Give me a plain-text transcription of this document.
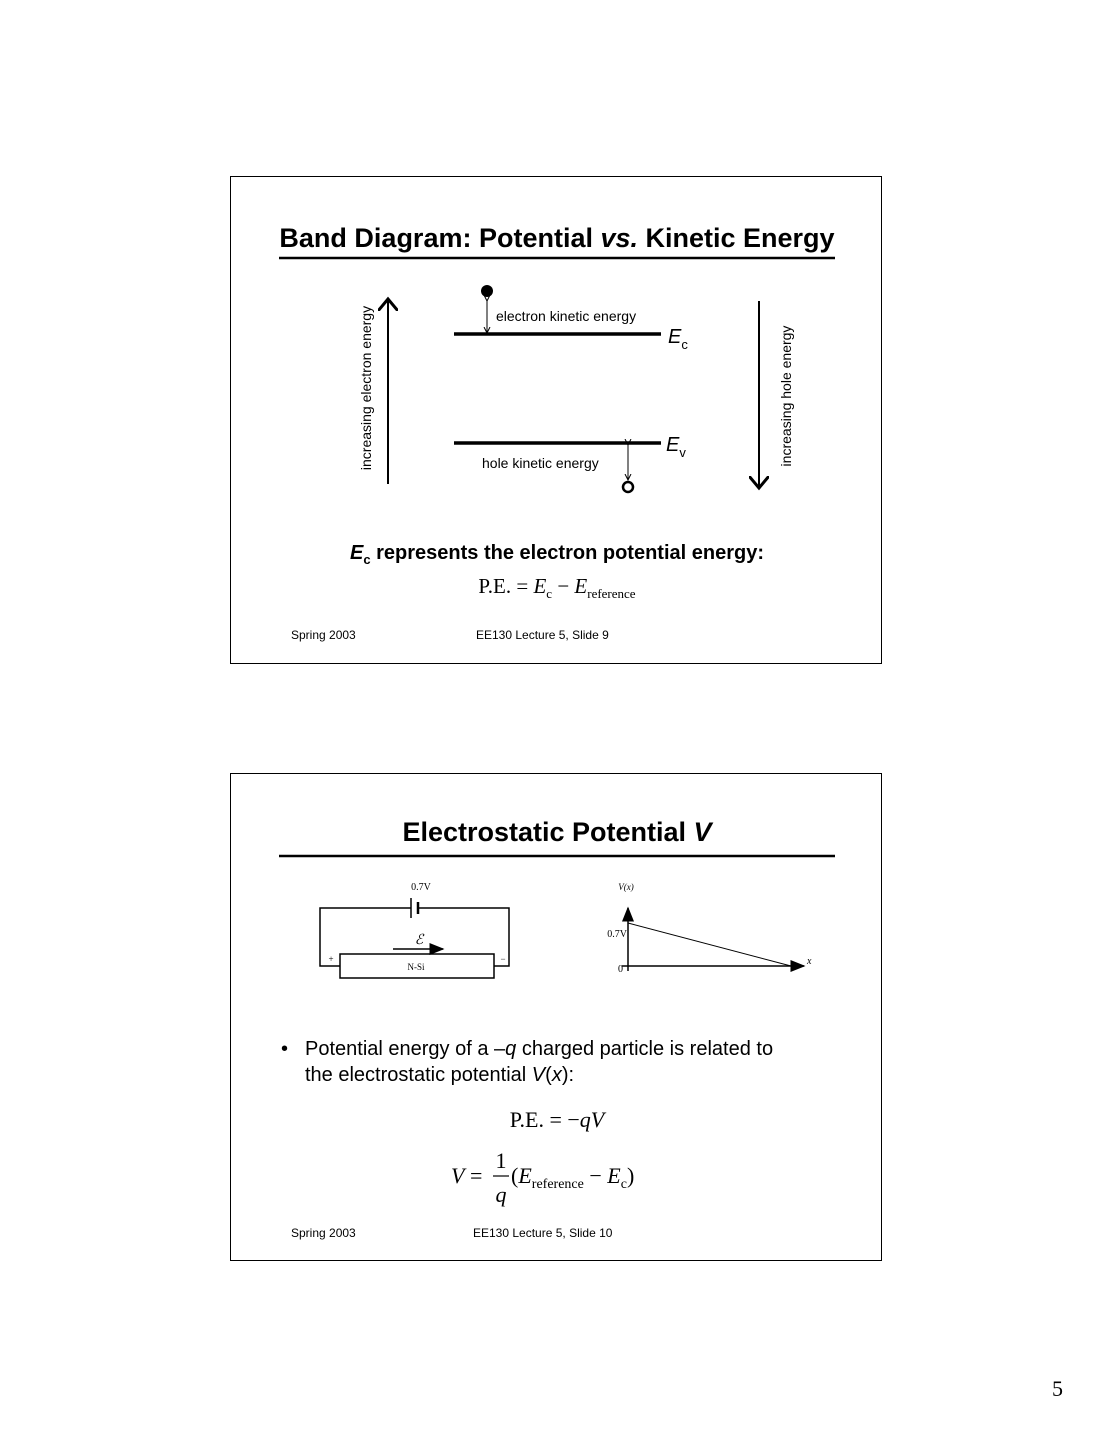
Band Diagram: Potential vs. Kinetic Energy
increasing electron energy	electron kinetic energy
$E_c$
hole kinetic energy
$E_v$	increasing hole energy
$E_c$ represents the electron potential energy:
P.E. = $E_c - E_{reference}$
Spring 2003	EE130 Lecture 5, Slide 9
Electrostatic Potential V
0.7V
ℰ
N-Si
+	−
V(x)
0.7V
0
x
• Potential energy of a –q charged particle is related to
the electrostatic potential V(x):
P.E. = −qV
V =
1
q
$(E_{reference} - E_c)$
Spring 2003	EE130 Lecture 5, Slide 10
5
